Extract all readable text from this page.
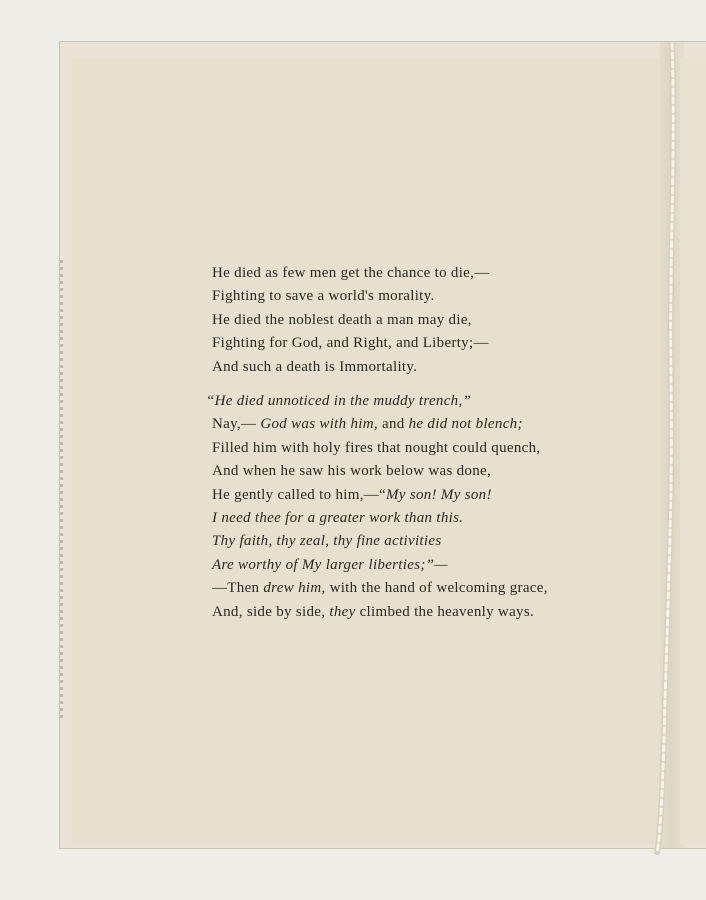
He died as few men get the chance to die,—
Fighting to save a world's morality.
He died the noblest death a man may die,
Fighting for God, and Right, and Liberty;—
And such a death is Immortality.
“He died unnoticed in the muddy trench,”
Nay,— God was with him, and he did not blench;
Filled him with holy fires that nought could quench,
And when he saw his work below was done,
He gently called to him,—“My son! My son!
I need thee for a greater work than this.
Thy faith, thy zeal, thy fine activities
Are worthy of My larger liberties;”—
—Then drew him, with the hand of welcoming grace,
And, side by side, they climbed the heavenly ways.
